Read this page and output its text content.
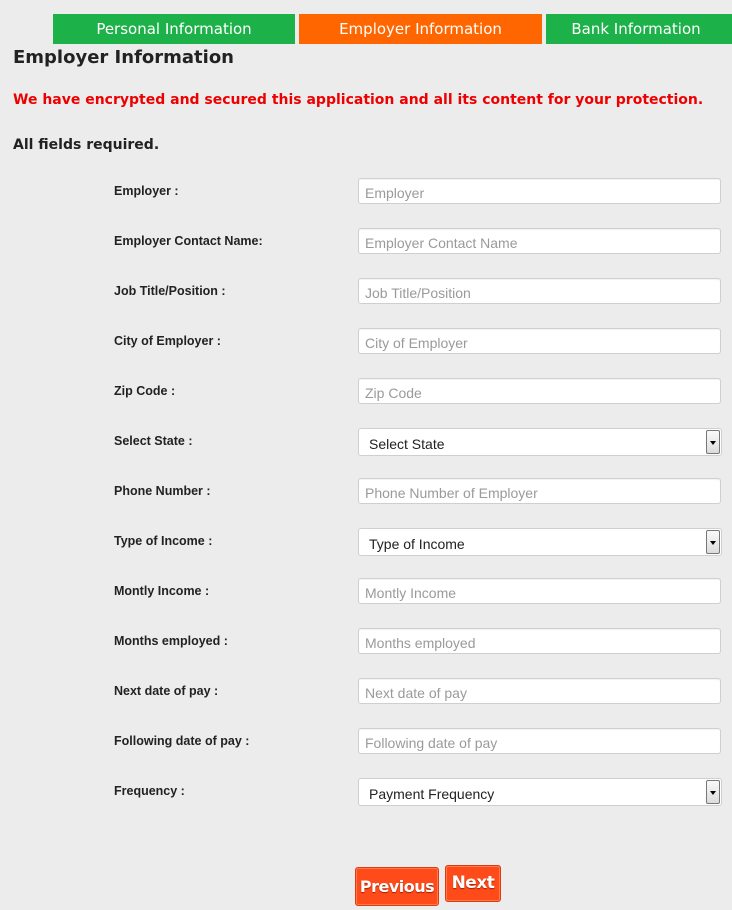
Personal Information	Employer Information	Bank Information
Employer Information

We have encrypted and secured this application and all its content for your protection.

All fields required.

Employer :
Employer
Employer Contact Name:
Employer Contact Name
Job Title/Position :
Job Title/Position
City of Employer :
City of Employer
Zip Code :
Zip Code
Select State :	Select State
Phone Number :
Phone Number of Employer
Type of Income :	Type of Income
Montly Income :
Montly Income
Months employed :
Months employed
Next date of pay :
Next date of pay
Following date of pay :
Following date of pay
Frequency :	Payment Frequency
Previous	Next
